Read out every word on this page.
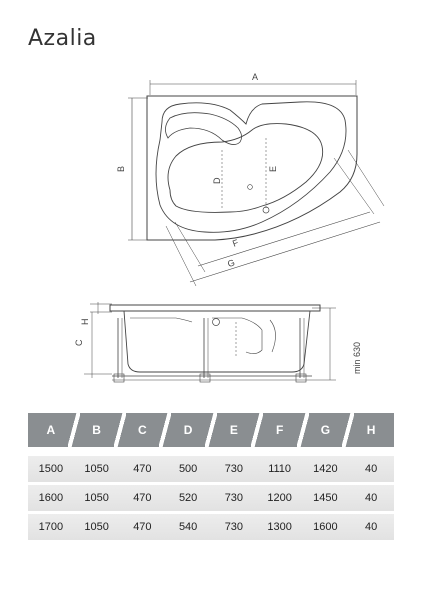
Azalia
A
B
D
E
F
G
H
C	min 630
A	B	C	D	E	F	G	H
1500	1050	470	500	730	1110	1420	40
1600	1050	470	520	730	1200	1450	40
1700	1050	470	540	730	1300	1600	40
